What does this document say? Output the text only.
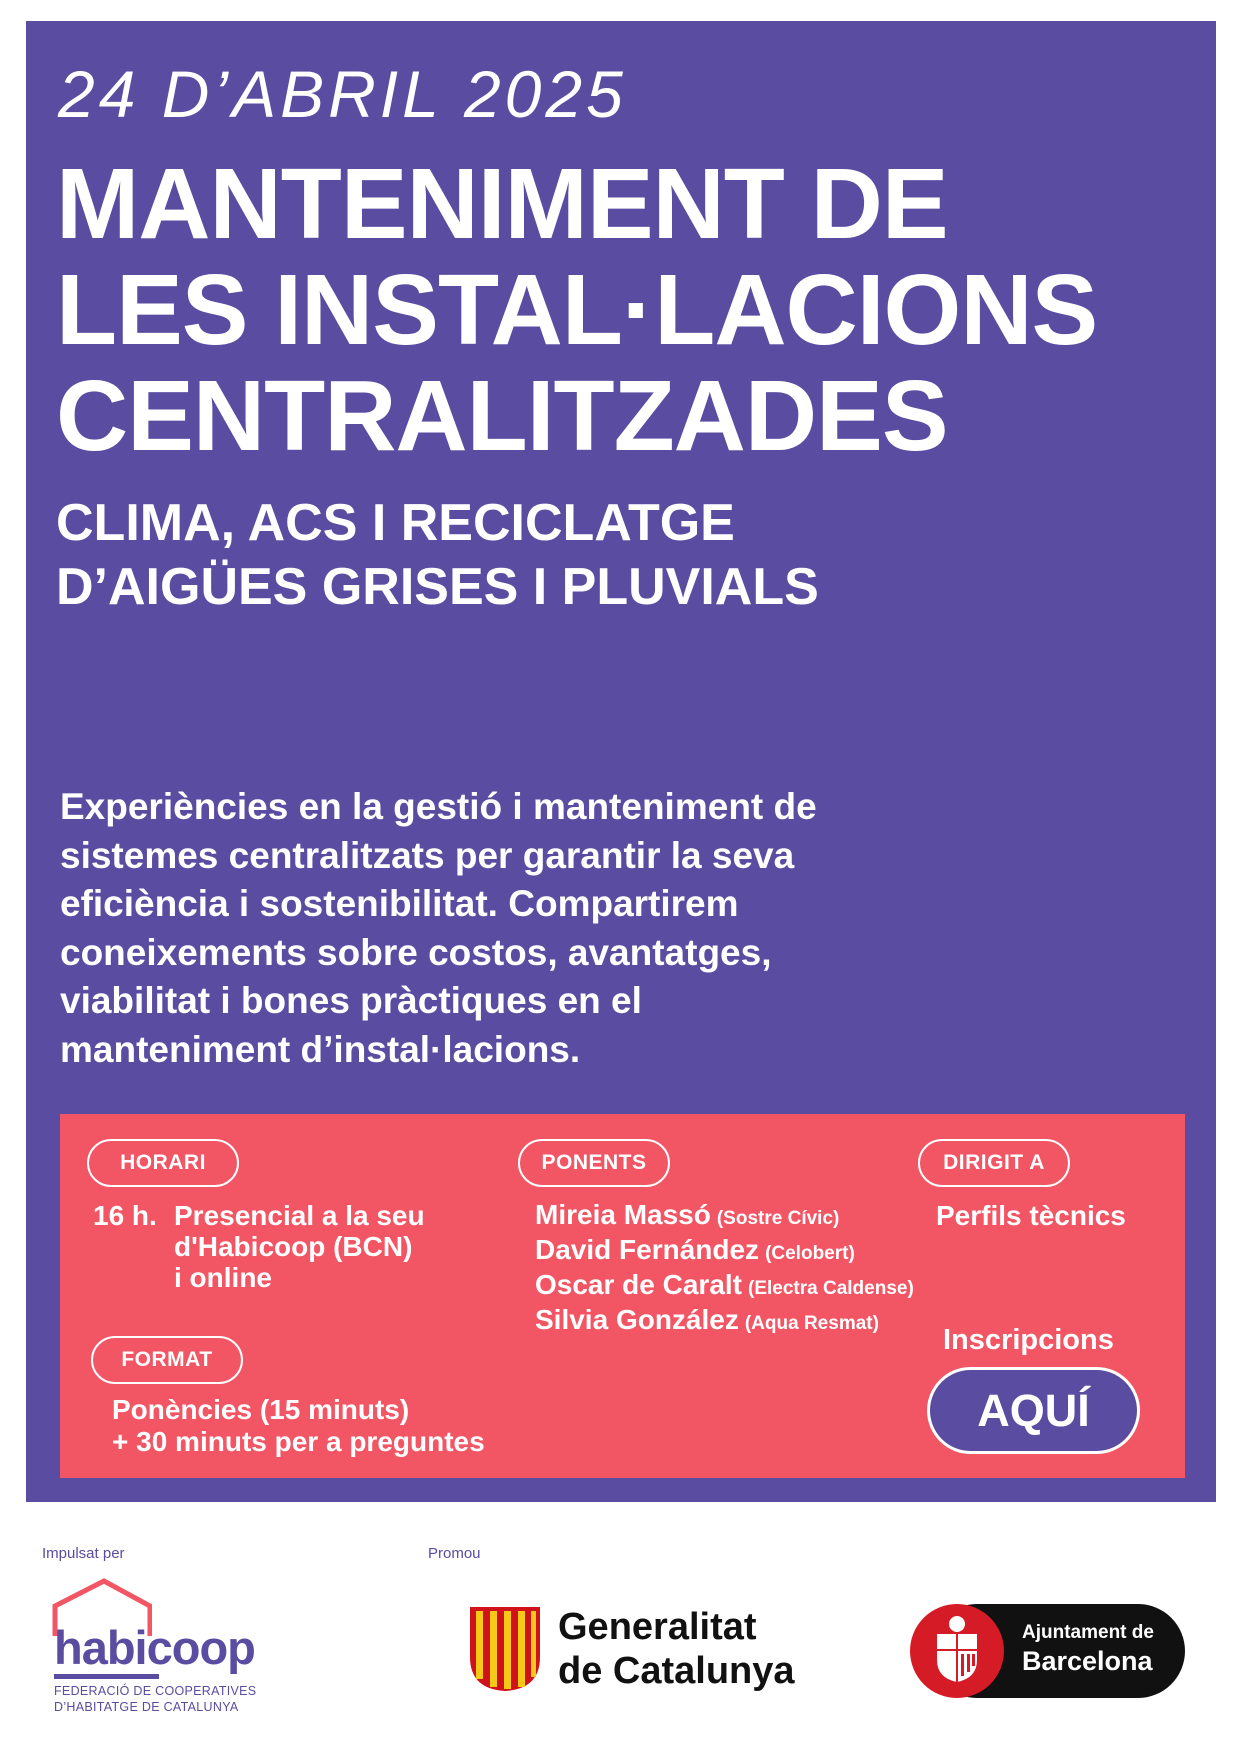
24 D’ABRIL 2025
MANTENIMENT DE
LES INSTAL·LACIONS
CENTRALITZADES
CLIMA, ACS I RECICLATGE
D’AIGÜES GRISES I PLUVIALS

Experiències en la gestió i manteniment de
sistemes centralitzats per garantir la seva
eficiència i sostenibilitat. Compartirem
coneixements sobre costos, avantatges,
viabilitat i bones pràctiques en el
manteniment d’instal·lacions.

HORARI
16 h. Presencial a la seu
d'Habicoop (BCN)
i online
PONENTS
Mireia Massó (Sostre Cívic)
David Fernández (Celobert)
Oscar de Caralt (Electra Caldense)
Silvia González (Aqua Resmat)
DIRIGIT A
Perfils tècnics
FORMAT
Ponències (15 minuts)
+ 30 minuts per a preguntes
Inscripcions
AQUÍ
Impulsat per	Promou
habicoop
FEDERACIÓ DE COOPERATIVES
D’HABITATGE DE CATALUNYA
Generalitat
de Catalunya
Ajuntament de
Barcelona
